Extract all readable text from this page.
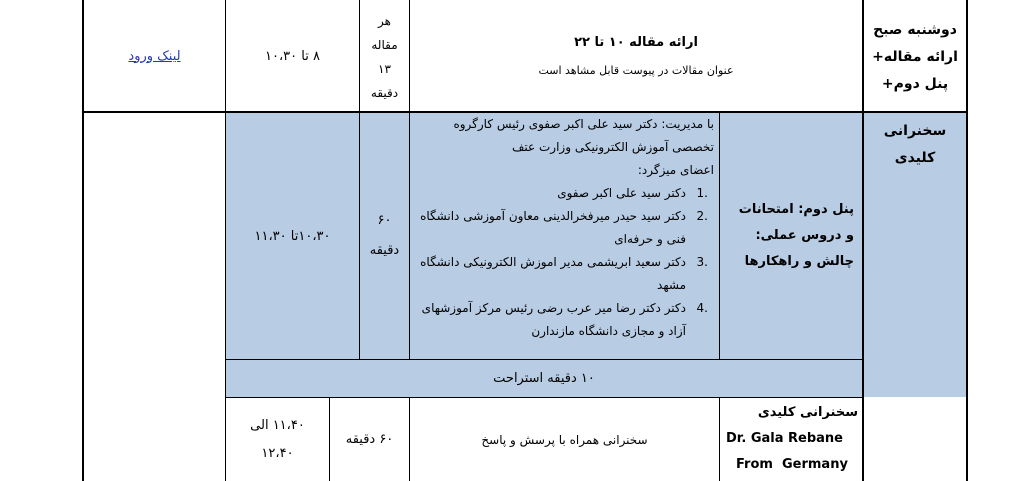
دوشنبه صبح ارائه مقاله+ پنل دوم+
ارائه مقاله ۱۰ تا ۲۲
عنوان مقالات در پیوست قابل مشاهد است
هر مقاله ۱۳ دقیقه
۸ تا ۱۰،۳۰
لینک ورود
سخنرانی کلیدی
پنل دوم: امتحانات و دروس عملی: چالش و راهکارها
با مدیریت: دکتر سید علی اکبر صفوی رئیس کارگروه تخصصی آموزش الکترونیکی وزارت عتف
اعضای میزگرد:
.1
دکتر سید علی اکبر صفوی
.2
دکتر سید حیدر میرفخرالدینی معاون آموزشی دانشگاه فنی و حرفه‌ای
.3
دکتر سعید ابریشمی مدیر اموزش الکترونیکی دانشگاه مشهد
.4
دکتر دکتر رضا میر عرب رضی رئیس مرکز آموزشهای آزاد و مجازی دانشگاه مازندارن
۶۰ دقیقه
۱۰،۳۰تا ۱۱،۳۰
۱۰ دقیقه استراحت
سخنرانی کلیدی
Dr. Gala Rebane
From  Germany
سخنرانی همراه با پرسش و پاسخ
۶۰ دقیقه
۱۱،۴۰ الی ۱۲،۴۰
